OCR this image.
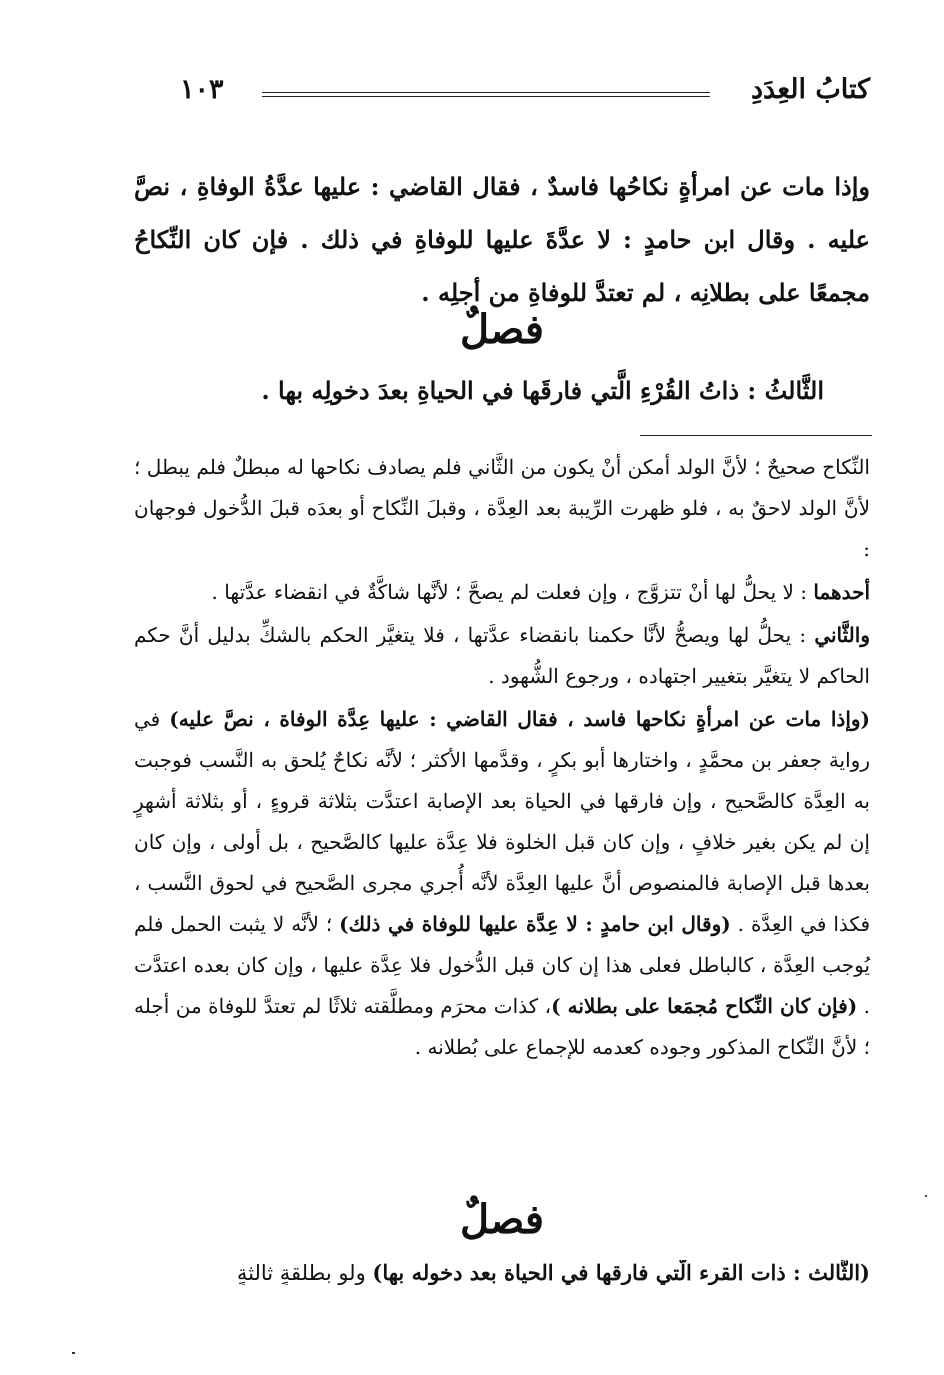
كتابُ العِدَدِ
١٠٣
وإذا مات عن امرأةٍ نكاحُها فاسدٌ ، فقال القاضي : عليها عدَّةُ الوفاةِ ، نصَّ عليه . وقال ابن حامدٍ : لا عدَّةَ عليها للوفاةِ في ذلك . فإن كان النِّكاحُ مجمعًا على بطلانِه ، لم تعتدَّ للوفاةِ من أجلِه .
فصلٌ
الثَّالثُ : ذاتُ القُرْءِ الَّتي فارقَها في الحياةِ بعدَ دخولِه بها .

النِّكاح صحيحٌ ؛ لأنَّ الولد أمكن أنْ يكون من الثَّاني فلم يصادف نكاحها له مبطلٌ فلم يبطل ؛ لأنَّ الولد لاحقٌ به ، فلو ظهرت الرِّيبة بعد العِدَّة ، وقبلَ النِّكاح أو بعدَه قبلَ الدُّخول فوجهان :

أحدهما : لا يحلُّ لها أنْ تتزوَّج ، وإن فعلت لم يصحَّ ؛ لأنَّها شاكَّةٌ في انقضاء عدَّتها .

والثَّاني : يحلُّ لها ويصحُّ لأنَّا حكمنا بانقضاء عدَّتها ، فلا يتغيَّر الحكم بالشكِّ بدليل أنَّ حكم الحاكم لا يتغيَّر بتغيير اجتهاده ، ورجوع الشُّهود .

(وإذا مات عن امرأةٍ نكاحها فاسد ، فقال القاضي : عليها عِدَّة الوفاة ، نصَّ عليه) في رواية جعفر بن محمَّدٍ ، واختارها أبو بكرٍ ، وقدَّمها الأكثر ؛ لأنَّه نكاحٌ يُلحق به النَّسب فوجبت به العِدَّة كالصَّحيح ، وإن فارقها في الحياة بعد الإصابة اعتدَّت بثلاثة قروءٍ ، أو بثلاثة أشهرٍ إن لم يكن بغير خلافٍ ، وإن كان قبل الخلوة فلا عِدَّة عليها كالصَّحيح ، بل أولى ، وإن كان بعدها قبل الإصابة فالمنصوص أنَّ عليها العِدَّة لأنَّه أُجري مجرى الصَّحيح في لحوق النَّسب ، فكذا في العِدَّة . (وقال ابن حامدٍ : لا عِدَّة عليها للوفاة في ذلك) ؛ لأنَّه لا يثبت الحمل فلم يُوجب العِدَّة ، كالباطل فعلى هذا إن كان قبل الدُّخول فلا عِدَّة عليها ، وإن كان بعده اعتدَّت . (فإن كان النِّكاح مُجمَعا على بطلانه )، كذات محرَم ومطلَّقته ثلاثًا لم تعتدَّ للوفاة من أجله ؛ لأنَّ النِّكاح المذكور وجوده كعدمه للإجماع على بُطلانه .

فصلٌ
(الثَّالث : ذات القرء الَّتي فارقها في الحياة بعد دخوله بها) ولو بطلقةٍ ثالثةٍ
